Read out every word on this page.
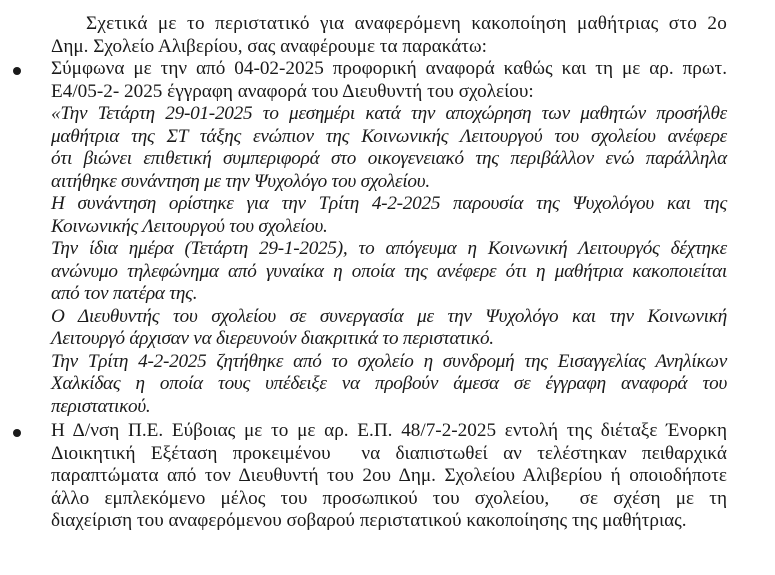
Σχετικά με το περιστατικό για αναφερόμενη κακοποίηση μαθήτριας στο 2ο
Δημ. Σχολείο Αλιβερίου, σας αναφέρουμε τα παρακάτω:
Σύμφωνα με την από 04-02-2025 προφορική αναφορά καθώς και τη με αρ. πρωτ.
Ε4/05-2- 2025 έγγραφη αναφορά του Διευθυντή του σχολείου:
«Την Τετάρτη 29-01-2025 το μεσημέρι κατά την αποχώρηση των μαθητών προσήλθε
μαθήτρια της ΣΤ τάξης ενώπιον της Κοινωνικής Λειτουργού του σχολείου ανέφερε
ότι βιώνει επιθετική συμπεριφορά στο οικογενειακό της περιβάλλον ενώ παράλληλα
αιτήθηκε συνάντηση με την Ψυχολόγο του σχολείου.
Η συνάντηση ορίστηκε για την Τρίτη 4-2-2025 παρουσία της Ψυχολόγου και της
Κοινωνικής Λειτουργού του σχολείου.
Την ίδια ημέρα (Τετάρτη 29-1-2025), το απόγευμα η Κοινωνική Λειτουργός δέχτηκε
ανώνυμο τηλεφώνημα από γυναίκα η οποία της ανέφερε ότι η μαθήτρια κακοποιείται
από τον πατέρα της.
Ο Διευθυντής του σχολείου σε συνεργασία με την Ψυχολόγο και την Κοινωνική
Λειτουργό άρχισαν να διερευνούν διακριτικά το περιστατικό.
Την Τρίτη 4-2-2025 ζητήθηκε από το σχολείο η συνδρομή της Εισαγγελίας Ανηλίκων
Χαλκίδας η οποία τους υπέδειξε να προβούν άμεσα σε έγγραφη αναφορά του
περιστατικού.
Η Δ/νση Π.Ε. Εύβοιας με το με αρ. Ε.Π. 48/7-2-2025 εντολή της διέταξε Ένορκη
Διοικητική Εξέταση προκειμένου  να διαπιστωθεί αν τελέστηκαν πειθαρχικά
παραπτώματα από τον Διευθυντή του 2ου Δημ. Σχολείου Αλιβερίου ή οποιοδήποτε
άλλο εμπλεκόμενο μέλος του προσωπικού του σχολείου,  σε σχέση με τη
διαχείριση του αναφερόμενου σοβαρού περιστατικού κακοποίησης της μαθήτριας.
